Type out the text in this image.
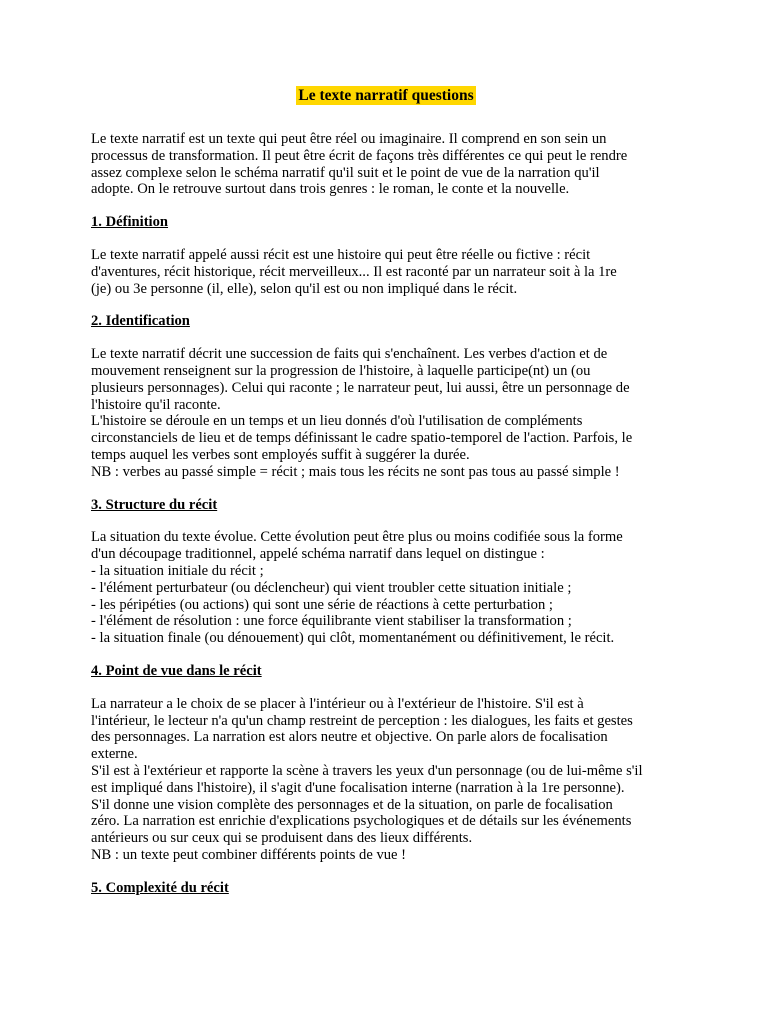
Le texte narratif questions
Le texte narratif est un texte qui peut être réel ou imaginaire. Il comprend en son sein un
processus de transformation. Il peut être écrit de façons très différentes ce qui peut le rendre
assez complexe selon le schéma narratif qu'il suit et le point de vue de la narration qu'il
adopte. On le retrouve surtout dans trois genres : le roman, le conte et la nouvelle.
1. Définition
Le texte narratif appelé aussi récit est une histoire qui peut être réelle ou fictive : récit
d'aventures, récit historique, récit merveilleux... Il est raconté par un narrateur soit à la 1re
(je) ou 3e personne (il, elle), selon qu'il est ou non impliqué dans le récit.
2. Identification
Le texte narratif décrit une succession de faits qui s'enchaînent. Les verbes d'action et de
mouvement renseignent sur la progression de l'histoire, à laquelle participe(nt) un (ou
plusieurs personnages). Celui qui raconte ; le narrateur peut, lui aussi, être un personnage de
l'histoire qu'il raconte.
L'histoire se déroule en un temps et un lieu donnés d'où l'utilisation de compléments
circonstanciels de lieu et de temps définissant le cadre spatio-temporel de l'action. Parfois, le
temps auquel les verbes sont employés suffit à suggérer la durée.
NB : verbes au passé simple = récit ; mais tous les récits ne sont pas tous au passé simple !
3. Structure du récit
La situation du texte évolue. Cette évolution peut être plus ou moins codifiée sous la forme
d'un découpage traditionnel, appelé schéma narratif dans lequel on distingue :
- la situation initiale du récit ;
- l'élément perturbateur (ou déclencheur) qui vient troubler cette situation initiale ;
- les péripéties (ou actions) qui sont une série de réactions à cette perturbation ;
- l'élément de résolution : une force équilibrante vient stabiliser la transformation ;
- la situation finale (ou dénouement) qui clôt, momentanément ou définitivement, le récit.
4. Point de vue dans le récit
La narrateur a le choix de se placer à l'intérieur ou à l'extérieur de l'histoire. S'il est à
l'intérieur, le lecteur n'a qu'un champ restreint de perception : les dialogues, les faits et gestes
des personnages. La narration est alors neutre et objective. On parle alors de focalisation
externe.
S'il est à l'extérieur et rapporte la scène à travers les yeux d'un personnage (ou de lui-même s'il
est impliqué dans l'histoire), il s'agit d'une focalisation interne (narration à la 1re personne).
S'il donne une vision complète des personnages et de la situation, on parle de focalisation
zéro. La narration est enrichie d'explications psychologiques et de détails sur les événements
antérieurs ou sur ceux qui se produisent dans des lieux différents.
NB : un texte peut combiner différents points de vue !
5. Complexité du récit
